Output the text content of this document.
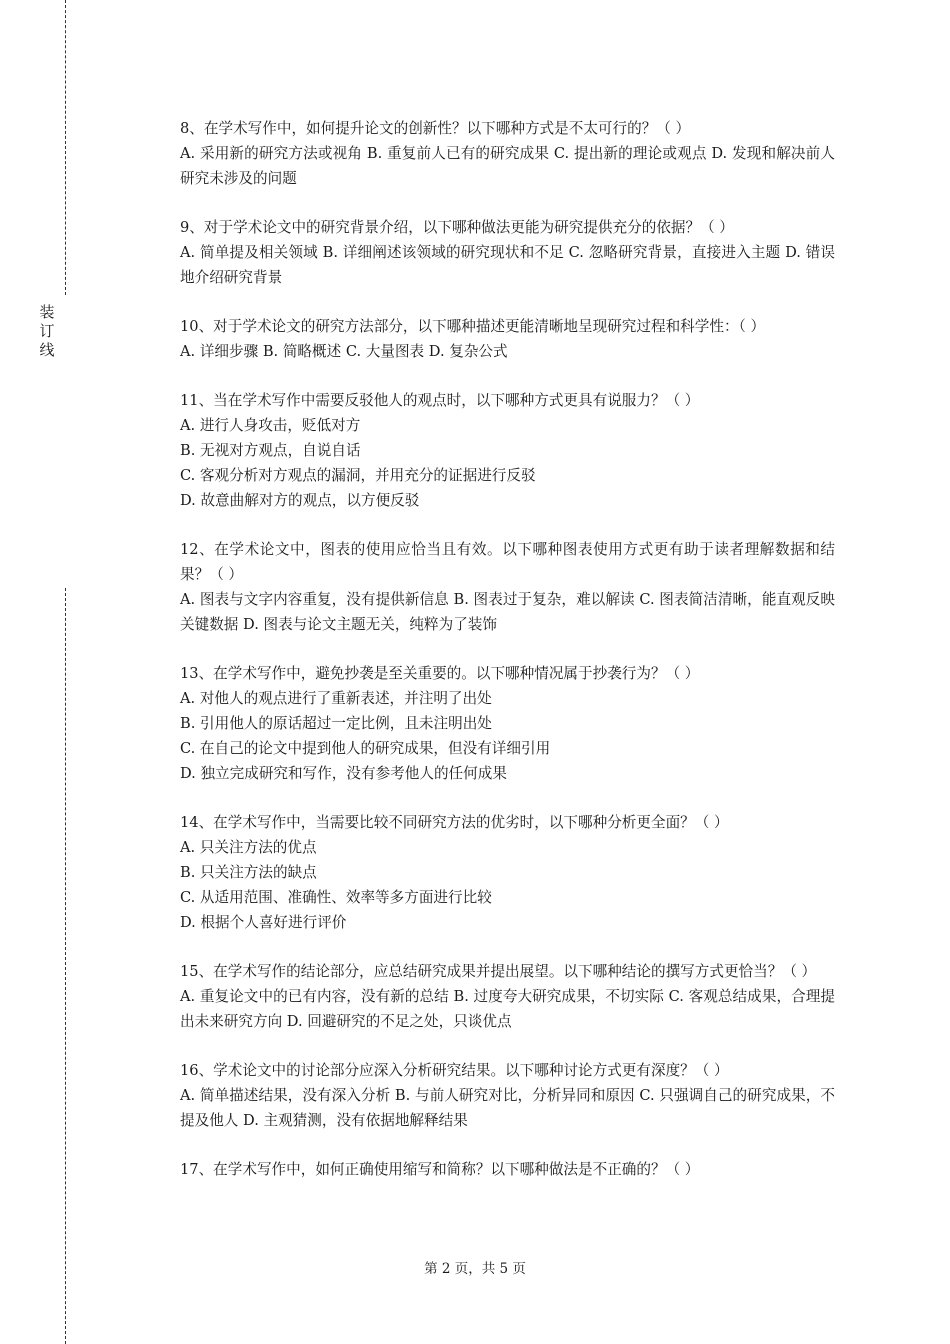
装
订
线

8、在学术写作中，如何提升论文的创新性？以下哪种方式是不太可行的？（ ）

A. 采用新的研究方法或视角 B. 重复前人已有的研究成果 C. 提出新的理论或观点 D. 发现和解决前人研究未涉及的问题

9、对于学术论文中的研究背景介绍，以下哪种做法更能为研究提供充分的依据？（ ）

A. 简单提及相关领域 B. 详细阐述该领域的研究现状和不足 C. 忽略研究背景，直接进入主题 D. 错误地介绍研究背景

10、对于学术论文的研究方法部分，以下哪种描述更能清晰地呈现研究过程和科学性：（ ）

A. 详细步骤 B. 简略概述 C. 大量图表 D. 复杂公式

11、当在学术写作中需要反驳他人的观点时，以下哪种方式更具有说服力？（ ）

A. 进行人身攻击，贬低对方

B. 无视对方观点，自说自话

C. 客观分析对方观点的漏洞，并用充分的证据进行反驳

D. 故意曲解对方的观点，以方便反驳

12、在学术论文中，图表的使用应恰当且有效。以下哪种图表使用方式更有助于读者理解数据和结果？（ ）

A. 图表与文字内容重复，没有提供新信息 B. 图表过于复杂，难以解读 C. 图表简洁清晰，能直观反映关键数据 D. 图表与论文主题无关，纯粹为了装饰

13、在学术写作中，避免抄袭是至关重要的。以下哪种情况属于抄袭行为？（ ）

A. 对他人的观点进行了重新表述，并注明了出处

B. 引用他人的原话超过一定比例，且未注明出处

C. 在自己的论文中提到他人的研究成果，但没有详细引用

D. 独立完成研究和写作，没有参考他人的任何成果

14、在学术写作中，当需要比较不同研究方法的优劣时，以下哪种分析更全面？（ ）

A. 只关注方法的优点

B. 只关注方法的缺点

C. 从适用范围、准确性、效率等多方面进行比较

D. 根据个人喜好进行评价

15、在学术写作的结论部分，应总结研究成果并提出展望。以下哪种结论的撰写方式更恰当？（ ）

A. 重复论文中的已有内容，没有新的总结 B. 过度夸大研究成果，不切实际 C. 客观总结成果，合理提出未来研究方向 D. 回避研究的不足之处，只谈优点

16、学术论文中的讨论部分应深入分析研究结果。以下哪种讨论方式更有深度？（ ）

A. 简单描述结果，没有深入分析 B. 与前人研究对比，分析异同和原因 C. 只强调自己的研究成果，不提及他人 D. 主观猜测，没有依据地解释结果

17、在学术写作中，如何正确使用缩写和简称？以下哪种做法是不正确的？（ ）

第 2 页，共 5 页
